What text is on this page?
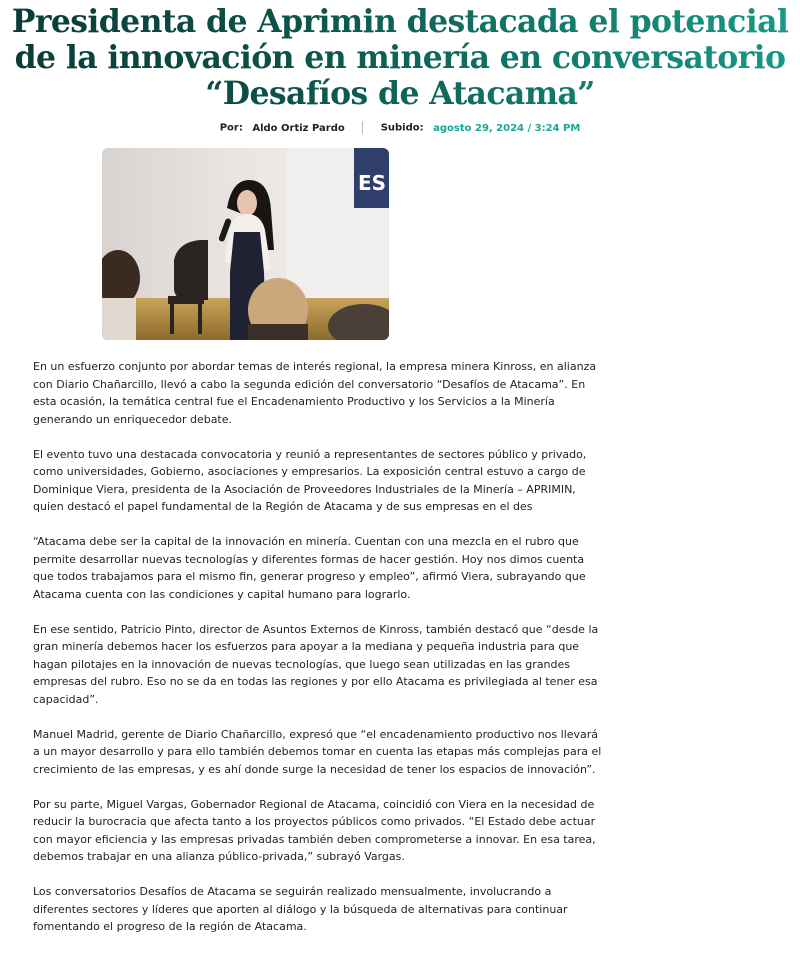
Presidenta de Aprimin destacada el potencial de la innovación en minería en conversatorio “Desafíos de Atacama”
Por: Aldo Ortiz Pardo	Subido: agosto 29, 2024 / 3:24 PM
ES

En un esfuerzo conjunto por abordar temas de interés regional, la empresa minera Kinross, en alianza con Diario Chañarcillo, llevó a cabo la segunda edición del conversatorio “Desafíos de Atacama”. En esta ocasión, la temática central fue el Encadenamiento Productivo y los Servicios a la Minería generando un enriquecedor debate.

El evento tuvo una destacada convocatoria y reunió a representantes de sectores público y privado, como universidades, Gobierno, asociaciones y empresarios. La exposición central estuvo a cargo de Dominique Viera, presidenta de la Asociación de Proveedores Industriales de la Minería – APRIMIN, quien destacó el papel fundamental de la Región de Atacama y de sus empresas en el des

“Atacama debe ser la capital de la innovación en minería. Cuentan con una mezcla en el rubro que permite desarrollar nuevas tecnologías y diferentes formas de hacer gestión. Hoy nos dimos cuenta que todos trabajamos para el mismo fin, generar progreso y empleo”, afirmó Viera, subrayando que Atacama cuenta con las condiciones y capital humano para lograrlo.

En ese sentido, Patricio Pinto, director de Asuntos Externos de Kinross, también destacó que “desde la gran minería debemos hacer los esfuerzos para apoyar a la mediana y pequeña industria para que hagan pilotajes en la innovación de nuevas tecnologías, que luego sean utilizadas en las grandes empresas del rubro. Eso no se da en todas las regiones y por ello Atacama es privilegiada al tener esa capacidad”.

Manuel Madrid, gerente de Diario Chañarcillo, expresó que “el encadenamiento productivo nos llevará a un mayor desarrollo y para ello también debemos tomar en cuenta las etapas más complejas para el crecimiento de las empresas, y es ahí donde surge la necesidad de tener los espacios de innovación”.

Por su parte, Miguel Vargas, Gobernador Regional de Atacama, coincidió con Viera en la necesidad de reducir la burocracia que afecta tanto a los proyectos públicos como privados. “El Estado debe actuar con mayor eficiencia y las empresas privadas también deben comprometerse a innovar. En esa tarea, debemos trabajar en una alianza público-privada,” subrayó Vargas.

Los conversatorios Desafíos de Atacama se seguirán realizado mensualmente, involucrando a diferentes sectores y líderes que aporten al diálogo y la búsqueda de alternativas para continuar fomentando el progreso de la región de Atacama.
